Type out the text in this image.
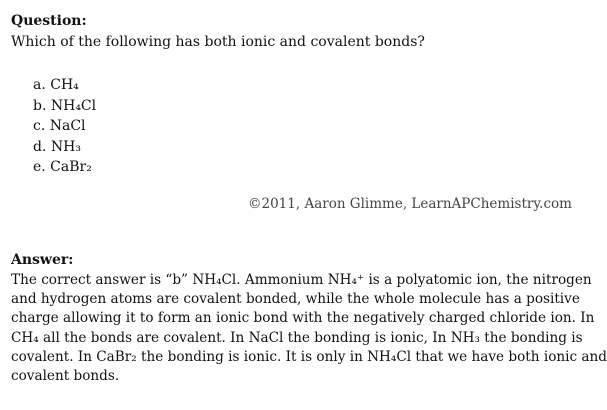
Question:
Which of the following has both ionic and covalent bonds?
a. CH₄
b. NH₄Cl
c. NaCl
d. NH₃
e. CaBr₂
©2011, Aaron Glimme, LearnAPChemistry.com
Answer:

The correct answer is “b” NH₄Cl. Ammonium NH₄⁺ is a polyatomic ion, the nitrogen
and hydrogen atoms are covalent bonded, while the whole molecule has a positive
charge allowing it to form an ionic bond with the negatively charged chloride ion. In
CH₄ all the bonds are covalent. In NaCl the bonding is ionic, In NH₃ the bonding is
covalent. In CaBr₂ the bonding is ionic. It is only in NH₄Cl that we have both ionic and
covalent bonds.
